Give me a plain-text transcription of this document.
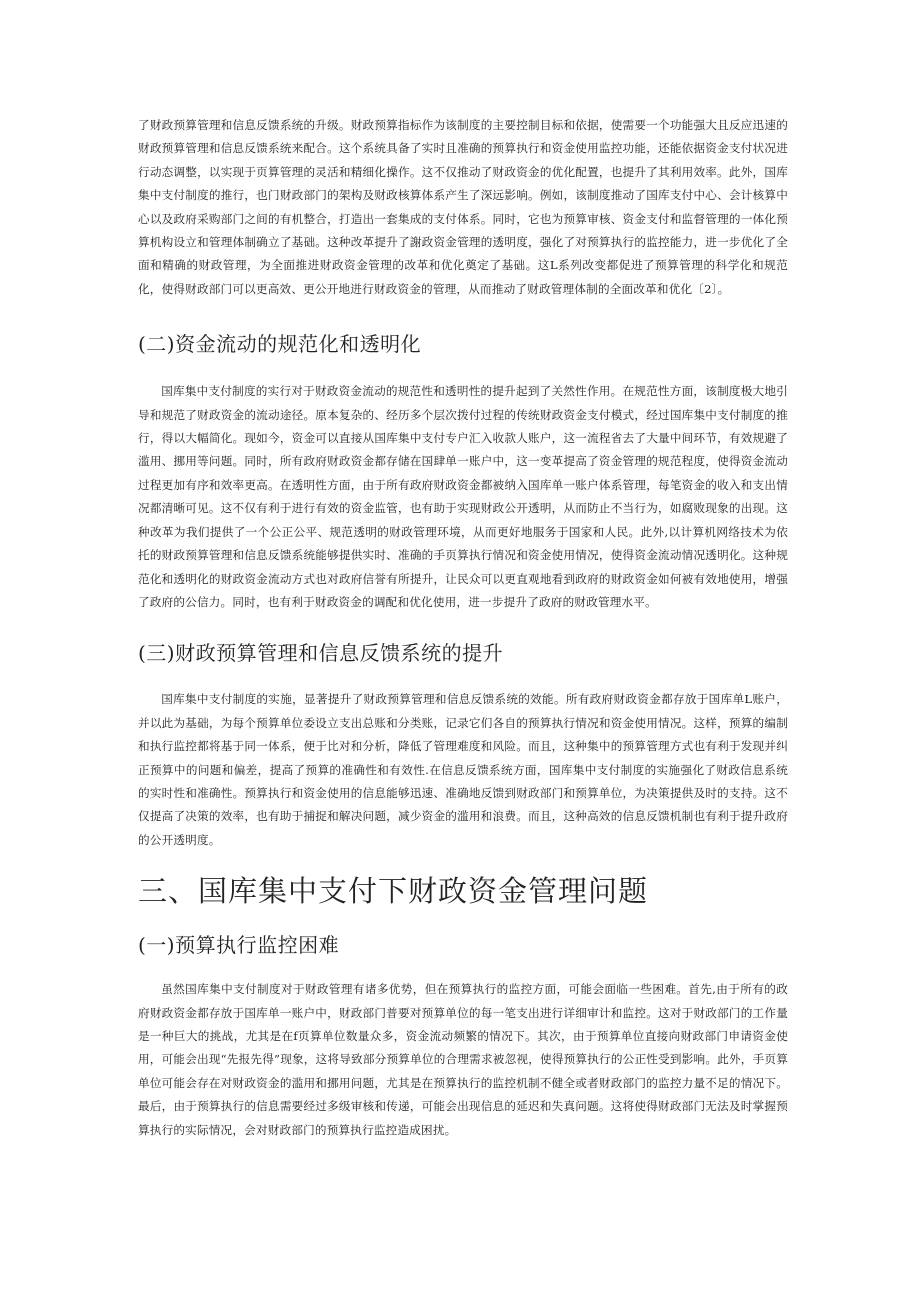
了财政预算管理和信息反馈系统的升级。财政预算指标作为该制度的主要控制目标和依据，使需要一个功能强大且反应迅速的财政预算管理和信息反馈系统来配合。这个系统具备了实时且准确的预算执行和资金使用监控功能，还能依据资金支付状况进行动态调整，以实现于页算管理的灵活和精细化操作。这不仅推动了财政资金的优化配置，也提升了其利用效率。此外，国库集中支付制度的推行，也门财政部门的架构及财政核算体系产生了深远影响。例如，该制度推动了国库支付中心、会计核算中心以及政府采购部门之间的有机整合，打造出一套集成的支付体系。同时，它也为预算审核、资金支付和监督管理的一体化预算机构设立和管理体制确立了基础。这种改革提升了謝政资金管理的透明度，强化了对预算执行的监控能力，进一步优化了全面和精确的财政管理，为全面推进财政资金管理的改革和优化奠定了基础。这L系列改变都促进了预算管理的科学化和规范化，使得财政部门可以更高效、更公开地进行财政资金的管理，从而推动了财政管理体制的全面改革和优化〔2〕。

(二)资金流动的规范化和透明化

国库集中支付制度的实行对于财政资金流动的规范性和透明性的提升起到了关然性作用。在规范性方面，该制度极大地引导和规范了财政资金的流动途径。原本复杂的、经历多个层次拨付过程的传统财政资金支付模式，经过国库集中支付制度的推行，得以大幅简化。现如今，资金可以直接从国库集中支付专户汇入收款人账户，这一流程省去了大量中间环节，有效规避了滥用、挪用等问题。同时，所有政府财政资金都存储在国肆单一账户中，这一变革提高了资金管理的规范程度，使得资金流动过程更加有序和效率更高。在透明性方面，由于所有政府财政资金都被纳入国库单一账户体系管理，每笔资金的收入和支出情况都清晰可见。这不仅有利于进行有效的资金监管，也有助于实现财政公开透明，从而防止不当行为，如腐败现象的出现。这种改革为我们提供了一个公正公平、规范透明的财政管理环境，从而更好地服务于国家和人民。此外,以计算机网络技术为依托的财政预算管理和信息反馈系统能够提供实时、准确的手页算执行情况和资金使用情况，使得资金流动情况透明化。这种规范化和透明化的财政资金流动方式也对政府信誉有所提升，让民众可以更直观地看到政府的财政资金如何被有效地使用，增强了政府的公信力。同时，也有利于财政资金的调配和优化使用，进一步提升了政府的财政管理水平。

(三)财政预算管理和信息反馈系统的提升

国库集中支付制度的实施，显著提升了财政预算管理和信息反馈系统的效能。所有政府财政资金都存放于国库单L账户，并以此为基础，为每个预算单位委设立支出总账和分类账，记录它们各自的预算执行情况和资金使用情况。这样，预算的编制和执行监控都将基于同一体系，便于比对和分析，降低了管理难度和风险。而且，这种集中的预算管理方式也有利于发现并纠正预算中的问题和偏差，提高了预算的准确性和有效性.在信息反馈系统方面，国库集中支付制度的实施强化了财政信息系统的实时性和准确性。预算执行和资金使用的信息能够迅速、准确地反馈到财政部门和预算单位，为决策提供及时的支持。这不仅提高了决策的效率，也有助于捕捉和解决问题，减少资金的滥用和浪费。而且，这种高效的信息反馈机制也有利于提升政府的公开透明度。

三、国库集中支付下财政资金管理问题
(一)预算执行监控困难

虽然国库集中支付制度对于财政管理有诸多优势，但在预算执行的监控方面，可能会面临一些困难。首先,由于所有的政府财政资金都存放于国库单一账户中，财政部门普要对预算单位的每一笔支出进行详细审计和监控。这对于财政部门的工作量是一种巨大的挑战，尤其是在f页算单位数量众多，资金流动频繁的情况下。其次，由于预算单位直接向财政部门申请资金使用，可能会出现“先报先得”现象，这将导致部分预算单位的合理需求被忽视，使得预算执行的公正性受到影响。此外，手页算单位可能会存在对财政资金的滥用和挪用问题，尤其是在预算执行的监控机制不健全或者财政部门的监控力量不足的情况下。最后，由于预算执行的信息需要经过多级审核和传递，可能会出现信息的延迟和失真问题。这将使得财政部门无法及时掌握预算执行的实际情况，会对财政部门的预算执行监控造成困扰。
